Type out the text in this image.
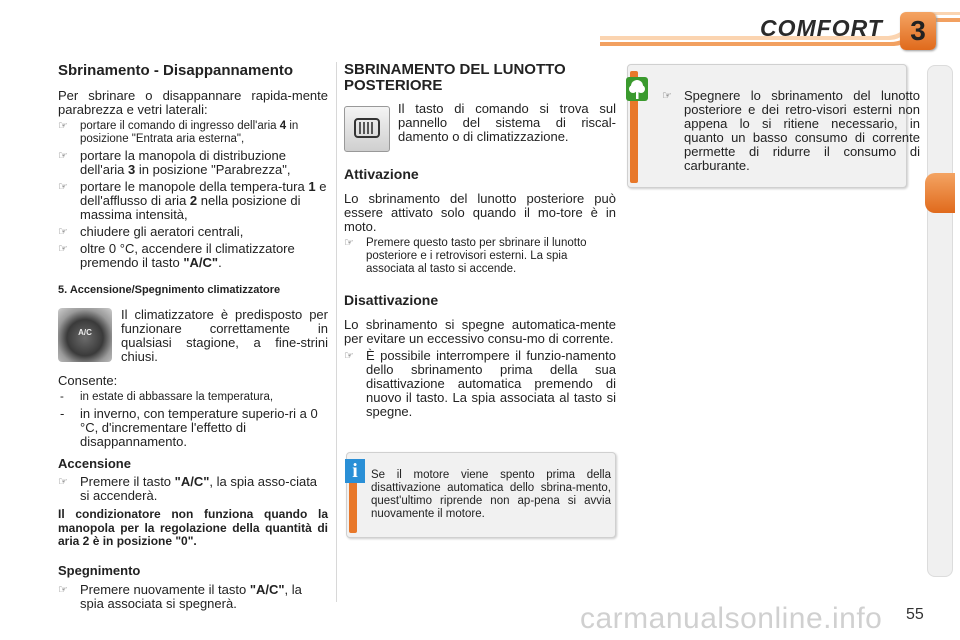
COMFORT 3
Sbrinamento - Disappannamento

Per sbrinare o disappannare rapida-mente parabrezza e vetri laterali:

☞ portare il comando di ingresso dell'aria 4 in posizione "Entrata aria esterna",
☞ portare la manopola di distribuzione dell'aria 3 in posizione "Parabrezza",
☞ portare le manopole della tempera-tura 1 e dell'afflusso di aria 2 nella posizione di massima intensità,
☞ chiudere gli aeratori centrali,
☞ oltre 0 °C, accendere il climatizzatore premendo il tasto "A/C".
5. Accensione/Spegnimento climatizzatore
A/C

Il climatizzatore è predisposto per funzionare correttamente in qualsiasi stagione, a fine-strini chiusi.

Consente:

- in estate di abbassare la temperatura,
- in inverno, con temperature superio-ri a 0 °C, d'incrementare l'effetto di disappannamento.
Accensione
☞ Premere il tasto "A/C", la spia asso-ciata si accenderà.

Il condizionatore non funziona quando la manopola per la regolazione della quantità di aria 2 è in posizione "0".

Spegnimento
☞ Premere nuovamente il tasto "A/C", la spia associata si spegnerà.
SBRINAMENTO DEL LUNOTTO POSTERIORE

Il tasto di comando si trova sul pannello del sistema di riscal-damento o di climatizzazione.

Attivazione

Lo sbrinamento del lunotto posteriore può essere attivato solo quando il mo-tore è in moto.

☞ Premere questo tasto per sbrinare il lunotto posteriore e i retrovisori esterni. La spia associata al tasto si accende.
Disattivazione

Lo sbrinamento si spegne automatica-mente per evitare un eccessivo consu-mo di corrente.

☞ È possibile interrompere il funzio-namento dello sbrinamento prima della sua disattivazione automatica premendo di nuovo il tasto. La spia associata al tasto si spegne.
i	Se il motore viene spento prima della disattivazione automatica dello sbrina-mento, quest'ultimo riprende non ap-pena si avvia nuovamente il motore.

☞ Spegnere lo sbrinamento del lunotto posteriore e dei retro-visori esterni non appena lo si ritiene necessario, in quanto un basso consumo di corrente permette di ridurre il consumo di carburante.
55
carmanualsonline.info
